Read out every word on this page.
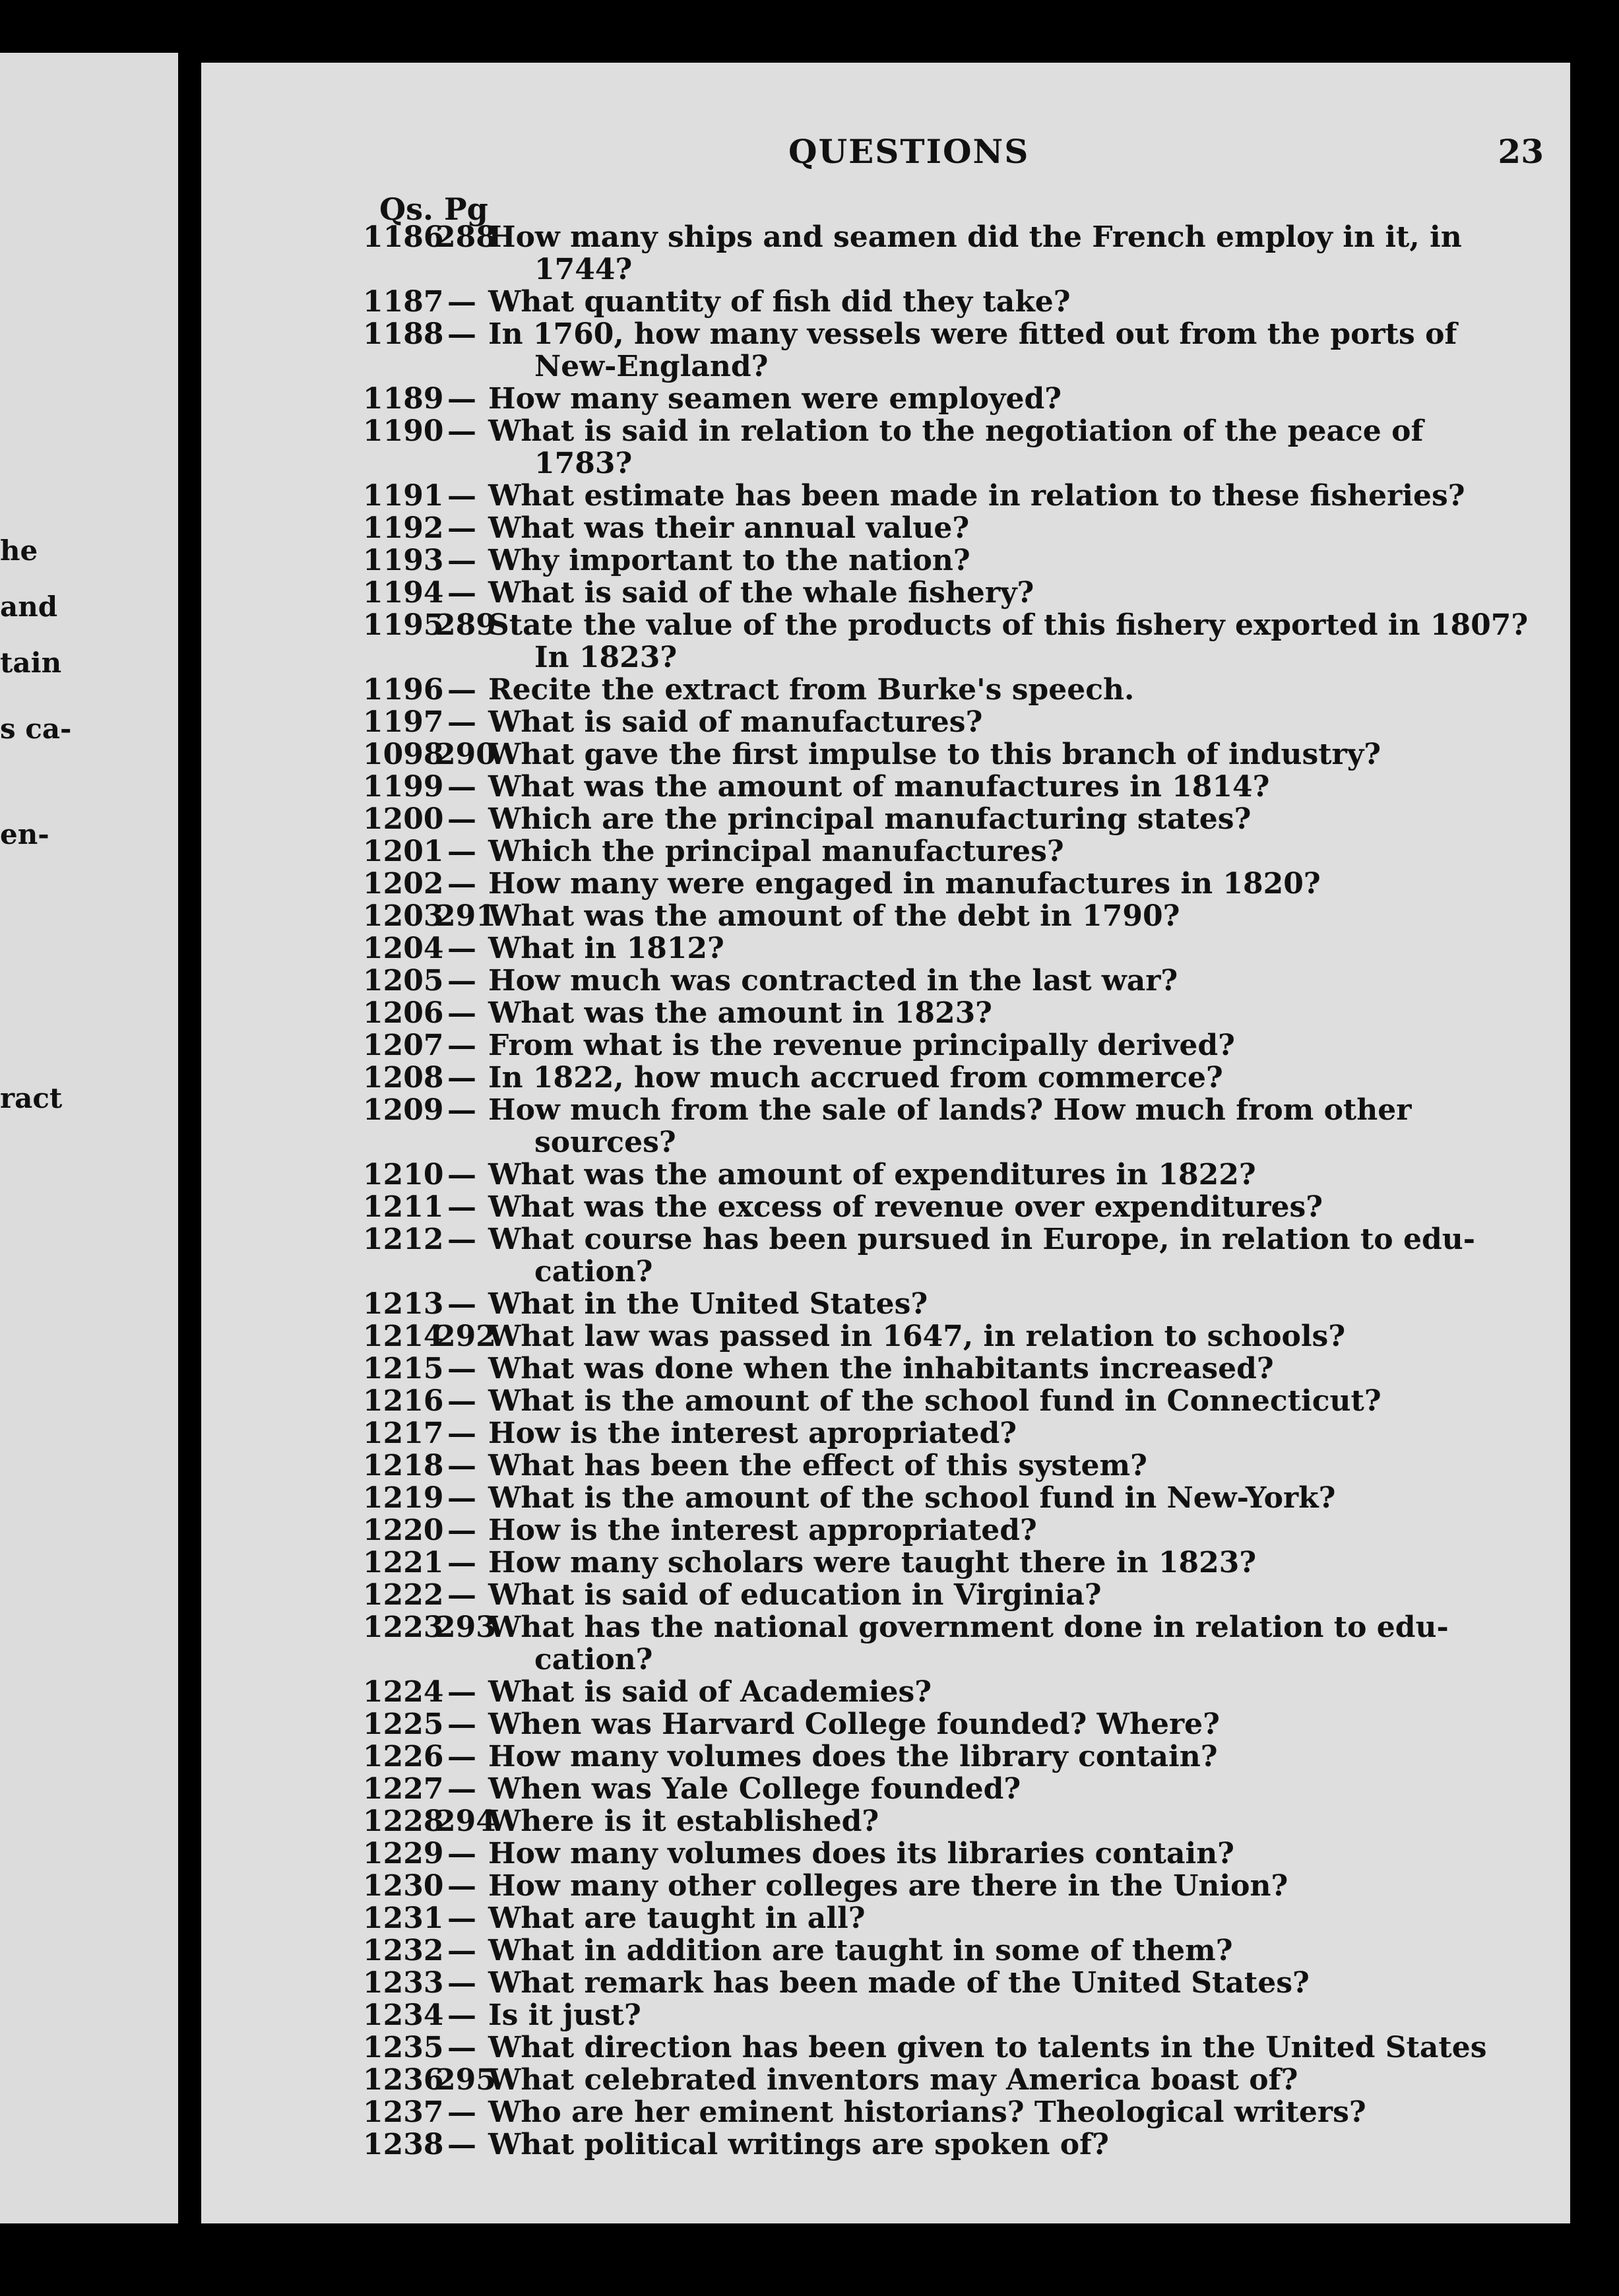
he
and
tain
s ca-
en-
ract
QUESTIONS	23
Qs. Pg
1186
288
How many ships and seamen did the French employ in it, in
1744?
1187 — What quantity of fish did they take?
1188 — In 1760, how many vessels were fitted out from the ports of
New-England?
1189 — How many seamen were employed?
1190 — What is said in relation to the negotiation of the peace of
1783?
1191 — What estimate has been made in relation to these fisheries?
1192 — What was their annual value?
1193 — Why important to the nation?
1194 — What is said of the whale fishery?
1195
289
State the value of the products of this fishery exported in 1807?
In 1823?
1196 — Recite the extract from Burke's speech.
1197 — What is said of manufactures?
1098
290
What gave the first impulse to this branch of industry?
1199 — What was the amount of manufactures in 1814?
1200 — Which are the principal manufacturing states?
1201 — Which the principal manufactures?
1202 — How many were engaged in manufactures in 1820?
1203
291
What was the amount of the debt in 1790?
1204 — What in 1812?
1205 — How much was contracted in the last war?
1206 — What was the amount in 1823?
1207 — From what is the revenue principally derived?
1208 — In 1822, how much accrued from commerce?
1209 — How much from the sale of lands? How much from other
sources?
1210 — What was the amount of expenditures in 1822?
1211 — What was the excess of revenue over expenditures?
1212 — What course has been pursued in Europe, in relation to edu-
cation?
1213 — What in the United States?
1214
292
What law was passed in 1647, in relation to schools?
1215 — What was done when the inhabitants increased?
1216 — What is the amount of the school fund in Connecticut?
1217 — How is the interest apropriated?
1218 — What has been the effect of this system?
1219 — What is the amount of the school fund in New-York?
1220 — How is the interest appropriated?
1221 — How many scholars were taught there in 1823?
1222 — What is said of education in Virginia?
1223
293
What has the national government done in relation to edu-
cation?
1224 — What is said of Academies?
1225 — When was Harvard College founded? Where?
1226 — How many volumes does the library contain?
1227 — When was Yale College founded?
1228
294
Where is it established?
1229 — How many volumes does its libraries contain?
1230 — How many other colleges are there in the Union?
1231 — What are taught in all?
1232 — What in addition are taught in some of them?
1233 — What remark has been made of the United States?
1234 — Is it just?
1235 — What direction has been given to talents in the United States
1236
295
What celebrated inventors may America boast of?
1237 — Who are her eminent historians? Theological writers?
1238 — What political writings are spoken of?
